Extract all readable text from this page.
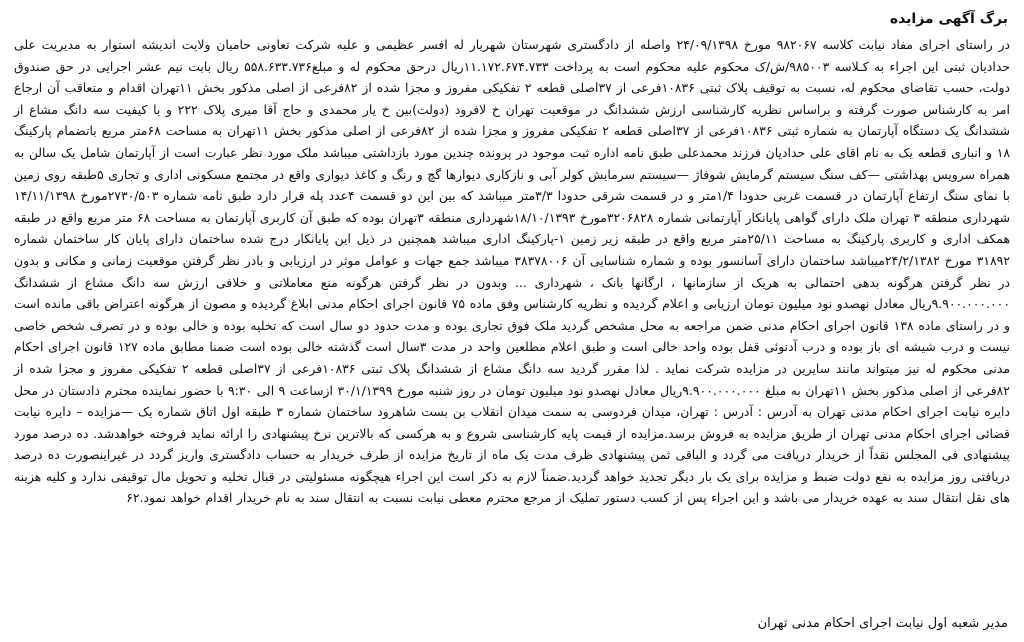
برگ آگهی مزایده

در راستای اجرای مفاد نیابت کلاسه ۹۸۲۰۶۷ مورخ ۲۴/۰۹/۱۳۹۸ واصله از دادگستری شهرستان شهریار له افسر عظیمی و علیه شرکت تعاونی حامیان ولایت اندیشه استوار به مدیریت علی حدادیان ثبتی این اجراء به کـلاسه ۹۸۵۰۰۳/ش/ک محکوم علیه محکوم است به پرداخت ۱۱.۱۷۲.۶۷۴.۷۳۳ریال درحق محکوم له و مبلغ۵۵۸.۶۳۳.۷۳۶ ریال بابت نیم عشر اجرایی در حق صندوق دولت، حسب تقاضای محکوم له، نسبت به توقیف پلاک ثبتی ۱۰۸۳۶فرعی از ۳۷اصلی قطعه ۲ تفکیکی مفروز و مجزا شده از ۸۲فرعی از اصلی مذکور بخش ۱۱تهران اقدام و متعاقب آن ارجاع امر به کارشناس صورت گرفته و براساس نظریه کارشناسی ارزش ششدانگ در موقعیت تهران خ لافرود (دولت)بین خ یار محمدی و حاج آقا میری پلاک ۲۲۲ و با کیفیت سه دانگ مشاع از ششدانگ یک دستگاه آپارتمان به شماره ثبتی ۱۰۸۳۶فرعی از ۳۷اصلی قطعه ۲ تفکیکی مفروز و مجزا شده از ۸۲فرعی از اصلی مذکور بخش ۱۱تهران به مساحت ۶۸متر مربع باتضمام پارکینگ ۱۸ و انباری قطعه یک به نام اقای علی حدادیان فرزند محمدعلی طبق نامه اداره ثبت موجود در پرونده چندین مورد بازداشتی میباشد ملک مورد نظر عبارت است از آپارتمان شامل یک سالن به همراه سرویس بهداشتی —کف سنگ سیستم گرمایش شوفاژ —سیستم سرمایش کولر آبی و نازکاری دیوارها گچ و رنگ و کاغذ دیواری واقع در مجتمع مسکونی اداری و تجاری ۵طبقه روی زمین با نمای سنگ ارتفاع آپارتمان در قسمت غربی حدودا ۱/۴متر و در قسمت شرقی حدودا ۳/۳متر میباشد که بین این دو قسمت ۴عدد پله قرار دارد طبق نامه شماره ۲۷۳۰/۵۰۳مورخ ۱۴/۱۱/۱۳۹۸ شهرداری منطقه ۳ تهران ملک دارای گواهی پایانکار آپارتمانی شماره ۳۲۰۶۸۲۸مورخ ۱۸/۱۰/۱۳۹۳شهرداری منطقه ۳تهران بوده که طبق آن کاربری آپارتمان به مساحت ۶۸ متر مربع واقع در طبقه همکف اداری و کاربری پارکینگ به مساحت ۲۵/۱۱متر مربع واقع در طبقه زیر زمین ۱-پارکینگ اداری میباشد همچنین در ذیل این پایانکار درج شده ساختمان دارای پایان کار ساختمان شماره ۳۱۸۹۲ مورخ ۲۴/۲/۱۳۸۲میباشد ساختمان دارای آسانسور بوده و شماره شناسایی آن ۳۸۳۷۸۰۰۶ میباشد جمع جهات و عوامل موثر در ارزیابی و بادر نظر گرفتن موقعیت زمانی و مکانی و بدون در نظر گرفتن هرگونه بدهی احتمالی به هریک از سازمانها ، ارگانها بانک ، شهرداری ... وبدون در نظر گرفتن هرگونه منع معاملاتی و خلافی ارزش سه دانگ مشاع از ششدانگ ۹.۹۰۰.۰۰۰.۰۰۰ریال معادل نهصدو نود میلیون تومان ارزیابی و اعلام گردیده و نظریه کارشناس وفق ماده ۷۵ قانون اجرای احکام مدنی ابلاغ گردیده و مصون از هرگونه اعتراض باقی مانده است و در راستای ماده ۱۳۸ قانون اجرای احکام مدنی ضمن مراجعه به محل مشخص گردید ملک فوق تجاری بوده و مدت حدود دو سال است که تخلیه بوده و خالی بوده و در تصرف شخص خاصی نیست و درب شیشه ای باز بوده و درب آدنوئی قفل بوده واحد خالی است و طبق اعلام مطلعین واحد در مدت ۳سال است گذشته خالی بوده است ضمنا مطابق ماده ۱۲۷ قانون اجرای احکام مدنی محکوم له نیز میتواند مانند سایرین در مزایده شرکت نماید . لذا مقرر گردید سه دانگ مشاع از ششدانگ پلاک ثبتی ۱۰۸۳۶فرعی از ۳۷اصلی قطعه ۲ تفکیکی مفروز و مجزا شده از ۸۲فرعی از اصلی مذکور بخش ۱۱تهران به مبلغ ۹.۹۰۰.۰۰۰.۰۰۰ریال معادل نهصدو نود میلیون تومان در روز شنبه مورخ ۳۰/۱/۱۳۹۹ ازساعت ۹ الی ۹:۳۰ با حضور نماینده محترم دادستان در محل دایره نیابت اجرای احکام مدنی تهران به آدرس : آدرس : تهران، میدان فردوسی به سمت میدان انقلاب بن بست شاهرود ساختمان شماره ۳ طبقه اول اتاق شماره یک —مزایده – دایره نیابت قضائی اجرای احکام مدنی تهران از طریق مزایده به فروش برسد.مزایده از قیمت پایه کارشناسی شروع و به هرکسی که بالاترین نرخ پیشنهادی را ارائه نماید فروخته خواهدشد. ده درصد مورد پیشنهادی فی المجلس نقداً از خریدار دریافت می گردد و الباقی ثمن پیشنهادی ظرف مدت یک ماه از تاریخ مزایده از طرف خریدار به حساب دادگستری واریز گردد در غیراینصورت ده درصد دریافتی روز مزایده به نفع دولت ضبط و مزایده برای یک بار دیگر تجدید خواهد گردید.ضمناً لازم به ذکر است این اجراء هیچگونه مسئولیتی در قبال تخلیه و تحویل مال توقیفی ندارد و کلیه هزینه های نقل انتقال سند به عهده خریدار می باشد و این اجراء پس از کسب دستور تملیک از مرجع محترم معطی نیابت نسبت به انتقال سند به نام خریدار اقدام خواهد نمود.۶۲

مدیر شعبه اول نیابت اجرای احکام مدنی تهران
